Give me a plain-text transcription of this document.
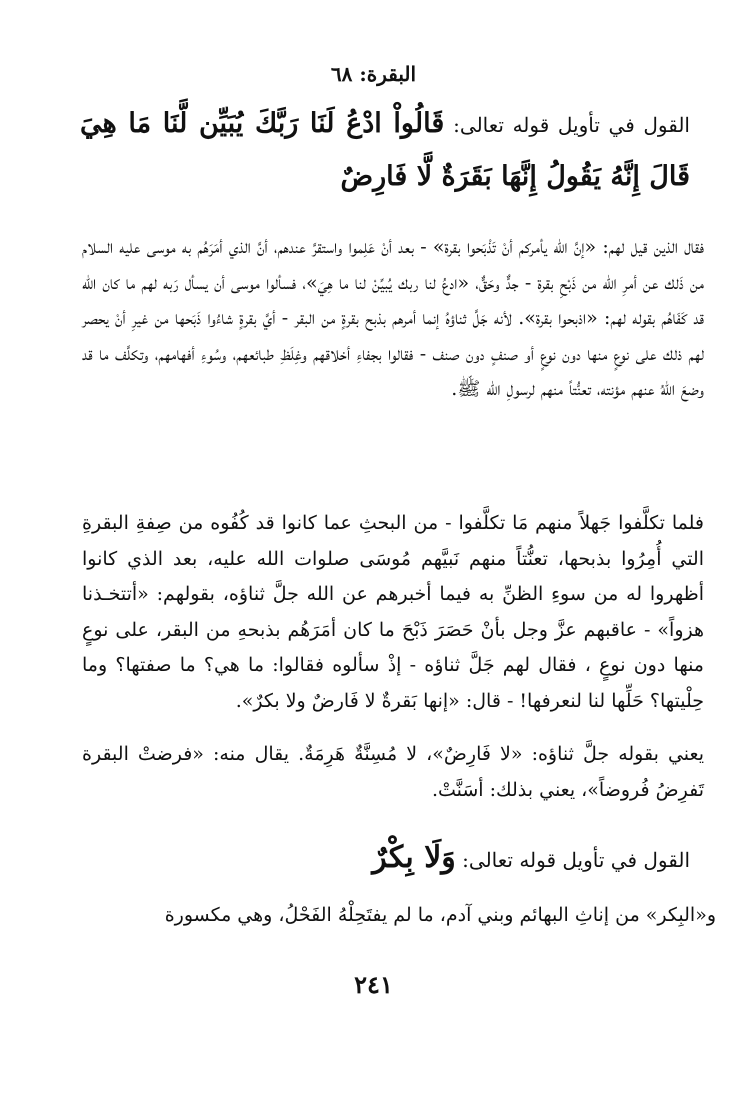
البقرة: ٦٨
القول في تأويل قوله تعالى: قَالُواْ ادْعُ لَنَا رَبَّكَ يُبَيِّن لَّنَا مَا هِيَ قَالَ إِنَّهُ يَقُولُ إِنَّهَا بَقَرَةٌ لَّا فَارِضٌ
فقال الذين قيل لهم: «إنَّ الله يأمركم أنْ تَذْبَحوا بقرة» - بعد أنْ عَلِموا واستقرَّ عندهم، أنَّ الذي أمَرَهُم به موسى عليه السلام من ذَلك عن أمرِ الله من ذَبْحِ بقرة - جدٌّ وحَقٌّ، «ادعُ لنا ربك يُبيِّنْ لنا ما هِيَ»، فسألوا موسى أن يسأل رَبه لهم ما كان الله قد كَفَاهُم بقوله لهم: «اذبحوا بقرة». لأنه جَلَّ ثناؤهُ إنما أمرهم بذبح بقرةٍ من البقر - أيَّ بقرةٍ شاءُوا ذَبَحها من غيرِ أنْ يحصر لهم ذلك على نوعٍ منها دون نوعٍ أو صنفٍ دون صنف - فقالوا بجفاءِ أخلاقهم وغِلَظِ طبائعهم، وسُوءِ أفهامهم، وتكلَّف ما قد وضعَ اللهُ عنهم مؤنته، تعنُّتاً منهم لرسولِ الله ﷺ.
فلما تكلَّفوا جَهلاً منهم مَا تكلَّفوا - من البحثِ عما كانوا قد كُفُوه من صِفةِ البقرةِ التي أُمِرُوا بذبحها، تعنُّتاً منهم نَبيَّهم مُوسَى صلوات الله عليه، بعد الذي كانوا أظهروا له من سوءِ الظنِّ به فيما أخبرهم عن الله جلَّ ثناؤه، بقولهم: «أتتخـذنا هزواً» - عاقبهم عزَّ وجل بأنْ حَصَرَ ذَبْحَ ما كان أمَرَهُم بذبحهِ من البقر، على نوعٍ منها دون نوعٍ ، فقال لهم جَلَّ ثناؤه - إذْ سألوه فقالوا: ما هي؟ ما صفتها؟ وما حِلْيتها؟ حَلِّها لنا لنعرفها! - قال: «إنها بَقرةٌ لا فَارضٌ ولا بكرٌ».
يعني بقوله جلَّ ثناؤه: «لا فَارِضٌ»، لا مُسِنَّةٌ هَرِمَةٌ. يقال منه: «فرضتْ البقرة تَفرِضُ فُروضاً»، يعني بذلك: أسَنَّتْ.
القول في تأويل قوله تعالى: وَلَا بِكْرٌ
و«البِكر» من إناثِ البهائم وبني آدم، ما لم يفتَحِلْهُ الفَحْلُ، وهي مكسورة
٢٤١
